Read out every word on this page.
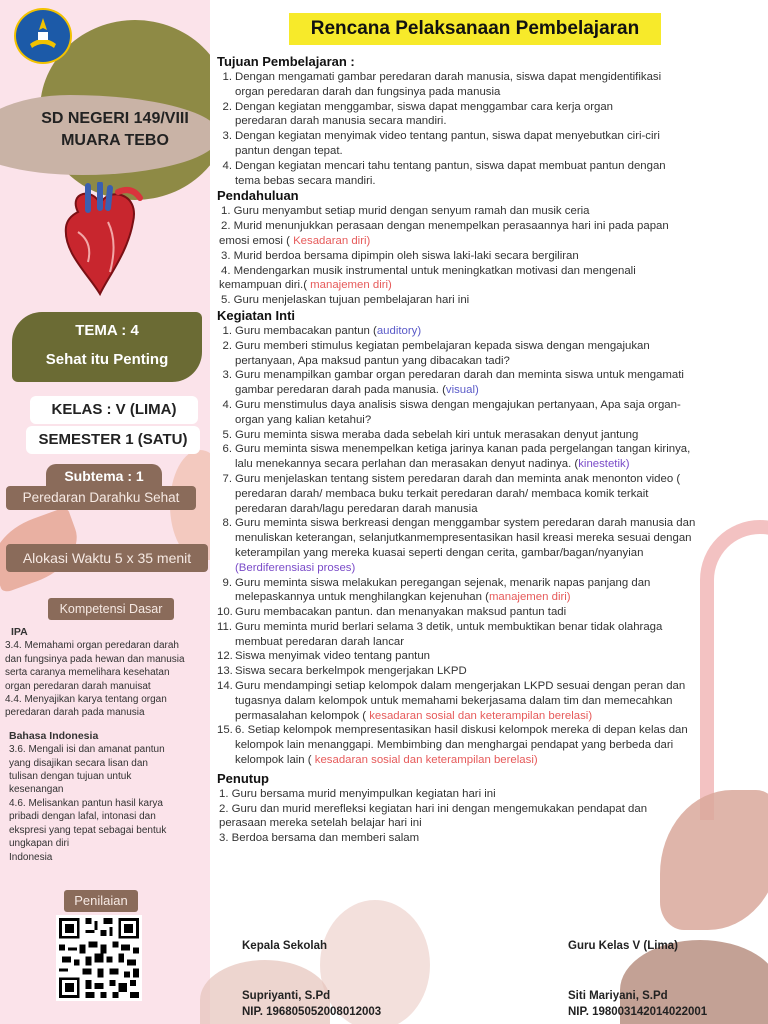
SD NEGERI 149/VIII
MUARA TEBO
TEMA : 4
Sehat itu Penting
KELAS : V (LIMA)
SEMESTER 1 (SATU)
Subtema : 1
Peredaran Darahku Sehat
Alokasi Waktu 5 x 35 menit
Kompetensi Dasar
IPA
3.4. Memahami organ peredaran darah
dan fungsinya pada hewan dan manusia
serta caranya memelihara kesehatan
organ peredaran darah manuisat
4.4. Menyajikan karya tentang organ
peredaran darah pada manusia
Bahasa Indonesia
3.6. Mengali isi dan amanat pantun
yang disajikan secara lisan dan
tulisan dengan tujuan untuk
kesenangan
4.6. Melisankan pantun hasil karya
pribadi dengan lafal, intonasi dan
ekspresi yang tepat sebagai bentuk
ungkapan diri
Indonesia
Penilaian
Rencana Pelaksanaan Pembelajaran
Tujuan Pembelajaran :
1. Dengan mengamati gambar peredaran darah manusia, siswa dapat mengidentifikasi
organ peredaran darah dan fungsinya pada manusia
2. Dengan kegiatan menggambar, siswa dapat menggambar cara kerja organ
peredaran darah manusia secara mandiri.
3. Dengan kegiatan menyimak video tentang pantun, siswa dapat menyebutkan ciri-ciri
pantun dengan tepat.
4. Dengan kegiatan mencari tahu tentang pantun, siswa dapat membuat pantun dengan
tema bebas secara mandiri.
Pendahuluan
1. Guru menyambut setiap murid dengan senyum ramah dan musik ceria
2. Murid menunjukkan perasaan dengan menempelkan perasaannya hari ini pada papan
emosi emosi ( Kesadaran diri)
3. Murid berdoa bersama dipimpin oleh siswa laki-laki secara bergiliran
4. Mendengarkan musik instrumental untuk meningkatkan motivasi dan mengenali
kemampuan diri.( manajemen diri)
5. Guru menjelaskan tujuan pembelajaran hari ini
Kegiatan Inti
1. Guru membacakan pantun (auditory)
2. Guru memberi stimulus kegiatan pembelajaran kepada siswa dengan mengajukan
pertanyaan, Apa maksud pantun yang dibacakan tadi?
3. Guru menampilkan gambar organ peredaran darah dan meminta siswa untuk mengamati
gambar peredaran darah pada manusia. (visual)
4. Guru menstimulus daya analisis siswa dengan mengajukan pertanyaan, Apa saja organ-
organ yang kalian ketahui?
5. Guru meminta siswa meraba dada sebelah kiri untuk merasakan denyut jantung
6. Guru meminta siswa menempelkan ketiga jarinya kanan pada pergelangan tangan kirinya,
lalu menekannya secara perlahan dan merasakan denyut nadinya. (kinestetik)
7. Guru menjelaskan tentang sistem peredaran darah dan meminta anak menonton video (
peredaran darah/ membaca buku terkait peredaran darah/ membaca komik terkait
peredaran darah/lagu peredaran darah manusia
8. Guru meminta siswa berkreasi dengan menggambar system peredaran darah manusia dan
menuliskan keterangan, selanjutkanmempresentasikan hasil kreasi mereka sesuai dengan
keterampilan yang mereka kuasai seperti dengan cerita, gambar/bagan/nyanyian
(Berdiferensiasi proses)
9. Guru meminta siswa melakukan peregangan sejenak, menarik napas panjang dan
melepaskannya untuk menghilangkan kejenuhan (manajemen diri)
10. Guru membacakan pantun. dan menanyakan maksud pantun tadi
11. Guru meminta murid berlari selama 3 detik, untuk membuktikan benar tidak olahraga
membuat peredaran darah lancar
12. Siswa menyimak video tentang pantun
13. Siswa secara berkelmpok mengerjakan LKPD
14. Guru mendampingi setiap kelompok dalam mengerjakan LKPD sesuai dengan peran dan
tugasnya dalam kelompok untuk memahami bekerjasama dalam tim dan memecahkan
permasalahan kelompok ( kesadaran sosial dan keterampilan berelasi)
15. 6. Setiap kelompok mempresentasikan hasil diskusi kelompok mereka di depan kelas dan
kelompok lain menanggapi. Membimbing dan menghargai pendapat yang berbeda dari
kelompok lain ( kesadaran sosial dan keterampilan berelasi)
Penutup
1. Guru bersama murid menyimpulkan kegiatan hari ini
2. Guru dan murid merefleksi kegiatan hari ini dengan mengemukakan pendapat dan
perasaan mereka setelah belajar hari ini
3. Berdoa bersama dan memberi salam
Kepala Sekolah
Supriyanti, S.Pd
NIP. 196805052008012003
Guru Kelas V (Lima)
Siti Mariyani, S.Pd
NIP. 198003142014022001
